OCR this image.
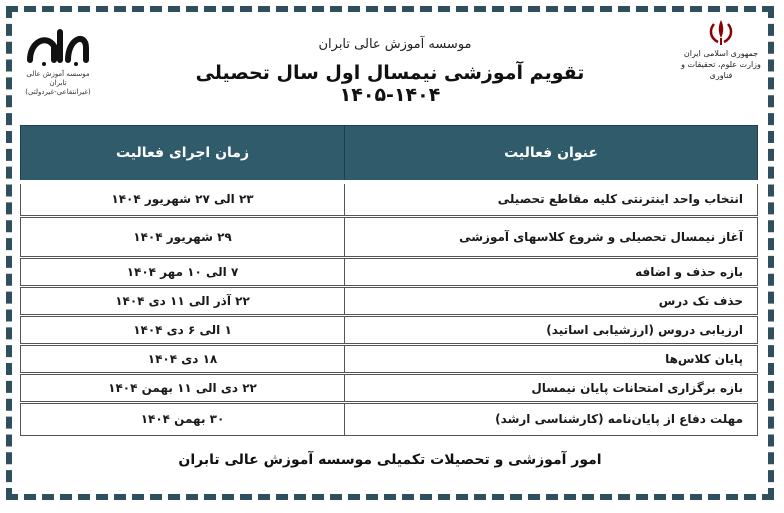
موسسه آموزش عالی تابران
(غیرانتفاعی-غیردولتی)
موسسه آموزش عالی تابران
تقویم آموزشی نیمسال اول سال تحصیلی ۱۴۰۴-۱۴۰۵
جمهوری اسلامی ایران
وزارت علوم، تحقیقات و فناوری
عنوان فعالیت	زمان اجرای فعالیت
انتخاب واحد اینترنتی کلیه مقاطع تحصیلی	۲۳ الی ۲۷ شهریور ۱۴۰۴
آغاز نیمسال تحصیلی و شروع کلاسهای آموزشی	۲۹ شهریور ۱۴۰۴
بازه حذف و اضافه	۷ الی ۱۰ مهر ۱۴۰۴
حذف تک درس	۲۲ آذر الی ۱۱ دی ۱۴۰۴
ارزیابی دروس (ارزشیابی اساتید)	۱ الی ۶ دی ۱۴۰۴
پایان کلاس‌ها	۱۸ دی ۱۴۰۴
بازه برگزاری امتحانات پایان نیمسال	۲۲ دی الی ۱۱ بهمن ۱۴۰۴
مهلت دفاع از پایان‌نامه (کارشناسی ارشد)	۳۰ بهمن ۱۴۰۴
امور آموزشی و تحصیلات تکمیلی موسسه آموزش عالی تابران
